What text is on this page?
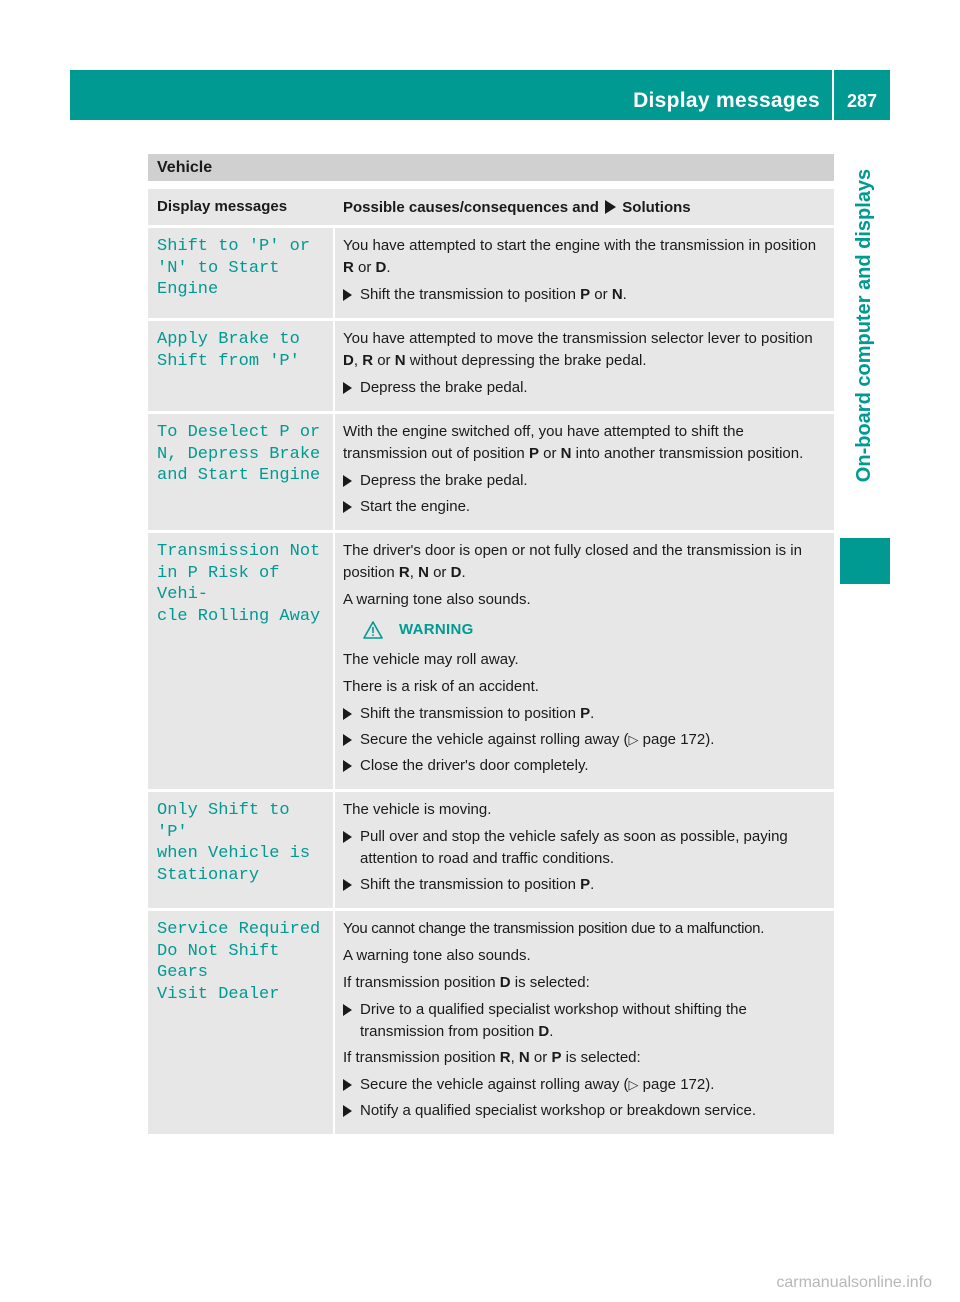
Display messages	287
On-board computer and displays
Vehicle
Display messages	Possible causes/consequences and Solutions
Shift to 'P' or
'N' to Start Engine

You have attempted to start the engine with the transmission in position R or D.

Shift the transmission to position P or N.
Apply Brake to
Shift from 'P'

You have attempted to move the transmission selector lever to position D, R or N without depressing the brake pedal.

Depress the brake pedal.
To Deselect P or
N, Depress Brake
and Start Engine

With the engine switched off, you have attempted to shift the transmission out of position P or N into another transmission position.

Depress the brake pedal.
Start the engine.
Transmission Not
in P Risk of Vehi‐
cle Rolling Away

The driver's door is open or not fully closed and the transmission is in position R, N or D.

A warning tone also sounds.

WARNING

The vehicle may roll away.

There is a risk of an accident.

Shift the transmission to position P.
Secure the vehicle against rolling away (▷ page 172).
Close the driver's door completely.
Only Shift to 'P'
when Vehicle is
Stationary

The vehicle is moving.

Pull over and stop the vehicle safely as soon as possible, paying attention to road and traffic conditions.
Shift the transmission to position P.
Service Required
Do Not Shift Gears
Visit Dealer

You cannot change the transmission position due to a malfunction.

A warning tone also sounds.

If transmission position D is selected:

Drive to a qualified specialist workshop without shifting the transmission from position D.

If transmission position R, N or P is selected:

Secure the vehicle against rolling away (▷ page 172).
Notify a qualified specialist workshop or breakdown service.
carmanualsonline.info
